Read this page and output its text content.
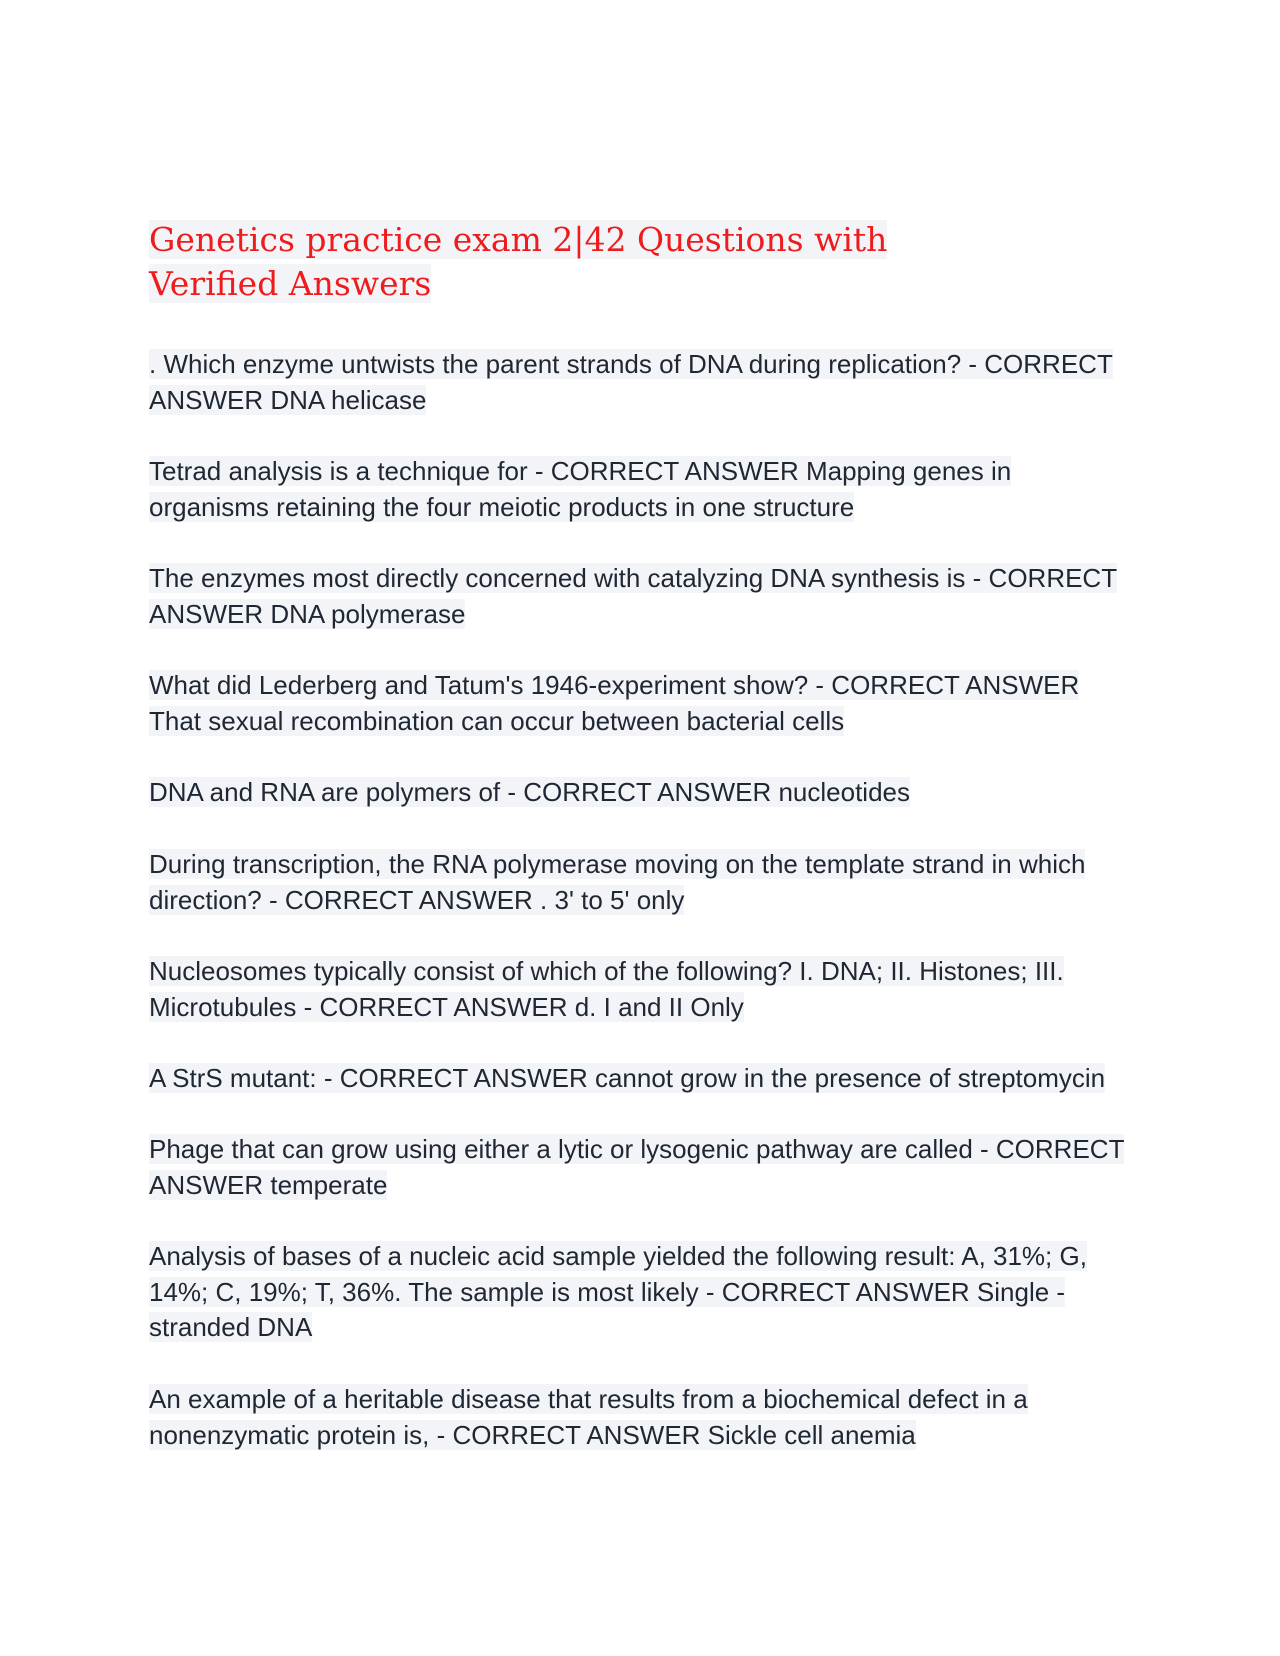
Genetics practice exam 2|42 Questions with Verified Answers

. Which enzyme untwists the parent strands of DNA during replication? - CORRECT ANSWER DNA helicase

Tetrad analysis is a technique for - CORRECT ANSWER Mapping genes in organisms retaining the four meiotic products in one structure

The enzymes most directly concerned with catalyzing DNA synthesis is - CORRECT ANSWER DNA polymerase

What did Lederberg and Tatum's 1946-experiment show? - CORRECT ANSWER That sexual recombination can occur between bacterial cells

DNA and RNA are polymers of - CORRECT ANSWER nucleotides

During transcription, the RNA polymerase moving on the template strand in which direction? - CORRECT ANSWER . 3' to 5' only

Nucleosomes typically consist of which of the following? I. DNA; II. Histones; III. Microtubules - CORRECT ANSWER d. I and II Only

A StrS mutant: - CORRECT ANSWER cannot grow in the presence of streptomycin

Phage that can grow using either a lytic or lysogenic pathway are called - CORRECT ANSWER temperate

Analysis of bases of a nucleic acid sample yielded the following result: A, 31%; G, 14%; C, 19%; T, 36%. The sample is most likely - CORRECT ANSWER Single - stranded DNA

An example of a heritable disease that results from a biochemical defect in a nonenzymatic protein is, - CORRECT ANSWER Sickle cell anemia
